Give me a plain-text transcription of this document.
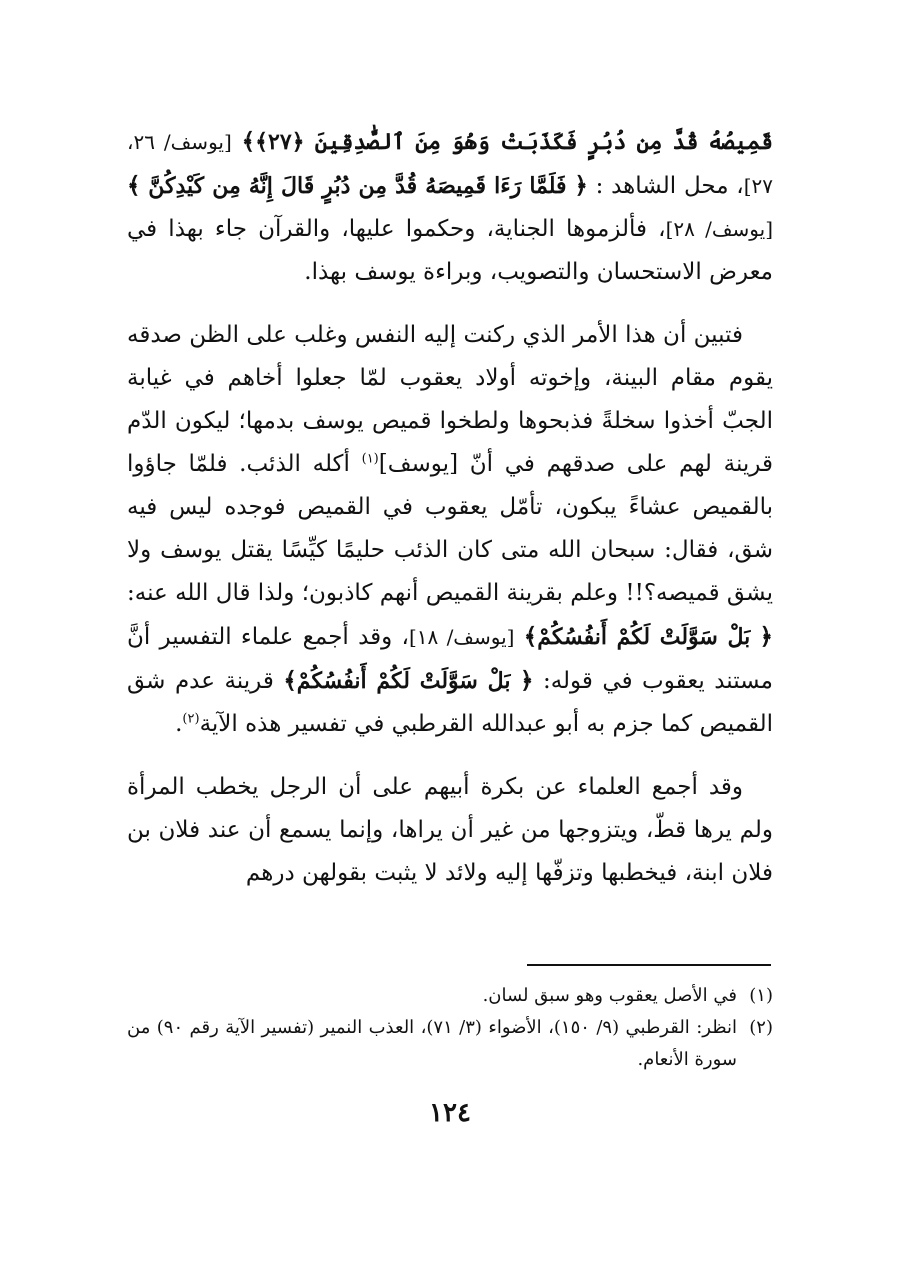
قَمِيصُهُ قُدَّ مِن دُبُرٍ فَكَذَبَتْ وَهُوَ مِنَ ٱلصَّٰدِقِينَ ﴿٢٧﴾﴾ [يوسف/ ٢٦، ٢٧]، محل الشاهد : ﴿ فَلَمَّا رَءَا قَمِيصَهُ قُدَّ مِن دُبُرٍ قَالَ إِنَّهُ مِن كَيْدِكُنَّ ﴾ [يوسف/ ٢٨]، فألزموها الجناية، وحكموا عليها، والقرآن جاء بهذا في معرض الاستحسان والتصويب، وبراءة يوسف بهذا.

فتبين أن هذا الأمر الذي ركنت إليه النفس وغلب على الظن صدقه يقوم مقام البينة، وإخوته أولاد يعقوب لمّا جعلوا أخاهم في غيابة الجبّ أخذوا سخلةً فذبحوها ولطخوا قميص يوسف بدمها؛ ليكون الدّم قرينة لهم على صدقهم في أنّ [يوسف]$^{(١)}$ أكله الذئب. فلمّا جاؤوا بالقميص عشاءً يبكون، تأمّل يعقوب في القميص فوجده ليس فيه شق، فقال: سبحان الله متى كان الذئب حليمًا كيِّسًا يقتل يوسف ولا يشق قميصه؟!! وعلم بقرينة القميص أنهم كاذبون؛ ولذا قال الله عنه: ﴿ بَلْ سَوَّلَتْ لَكُمْ أَنفُسُكُمْ﴾ [يوسف/ ١٨]، وقد أجمع علماء التفسير أنَّ مستند يعقوب في قوله: ﴿ بَلْ سَوَّلَتْ لَكُمْ أَنفُسُكُمْ﴾ قرينة عدم شق القميص كما جزم به أبو عبدالله القرطبي في تفسير هذه الآية$^{(٢)}$.

وقد أجمع العلماء عن بكرة أبيهم على أن الرجل يخطب المرأة ولم يرها قطّ، ويتزوجها من غير أن يراها، وإنما يسمع أن عند فلان بن فلان ابنة، فيخطبها وتزفّها إليه ولائد لا يثبت بقولهن درهم

(١)
في الأصل يعقوب وهو سبق لسان.
(٢)
انظر: القرطبي (٩/ ١٥٠)، الأضواء (٣/ ٧١)، العذب النمير (تفسير الآية رقم ٩٠) من سورة الأنعام.
١٢٤
